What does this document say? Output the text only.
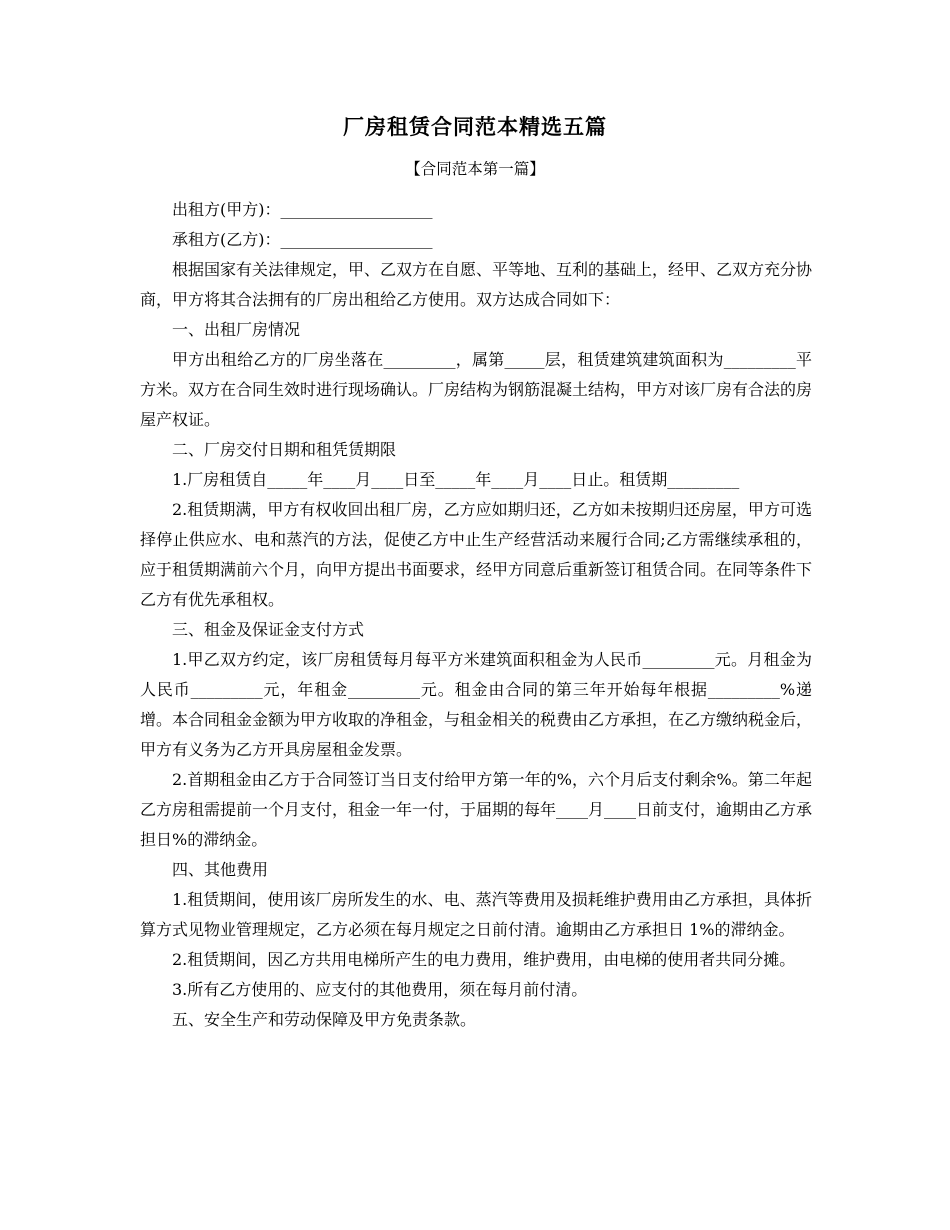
厂房租赁合同范本精选五篇
【合同范本第一篇】

出租方(甲方)：___________________

承租方(乙方)：___________________

根据国家有关法律规定，甲、乙双方在自愿、平等地、互利的基础上，经甲、乙双方充分协商，甲方将其合法拥有的厂房出租给乙方使用。双方达成合同如下：

一、出租厂房情况

甲方出租给乙方的厂房坐落在_________，属第_____层，租赁建筑建筑面积为_________平方米。双方在合同生效时进行现场确认。厂房结构为钢筋混凝土结构，甲方对该厂房有合法的房屋产权证。

二、厂房交付日期和租凭赁期限

1.厂房租赁自_____年____月____日至_____年____月____日止。租赁期_________

2.租赁期满，甲方有权收回出租厂房，乙方应如期归还，乙方如未按期归还房屋，甲方可选择停止供应水、电和蒸汽的方法，促使乙方中止生产经营活动来履行合同;乙方需继续承租的，应于租赁期满前六个月，向甲方提出书面要求，经甲方同意后重新签订租赁合同。在同等条件下乙方有优先承租权。

三、租金及保证金支付方式

1.甲乙双方约定，该厂房租赁每月每平方米建筑面积租金为人民币_________元。月租金为人民币_________元，年租金_________元。租金由合同的第三年开始每年根据_________%递增。本合同租金金额为甲方收取的净租金，与租金相关的税费由乙方承担，在乙方缴纳税金后，甲方有义务为乙方开具房屋租金发票。

2.首期租金由乙方于合同签订当日支付给甲方第一年的%，六个月后支付剩余%。第二年起乙方房租需提前一个月支付，租金一年一付，于届期的每年____月____日前支付，逾期由乙方承担日%的滞纳金。

四、其他费用

1.租赁期间，使用该厂房所发生的水、电、蒸汽等费用及损耗维护费用由乙方承担，具体折算方式见物业管理规定，乙方必须在每月规定之日前付清。逾期由乙方承担日 1%的滞纳金。

2.租赁期间，因乙方共用电梯所产生的电力费用，维护费用，由电梯的使用者共同分摊。

3.所有乙方使用的、应支付的其他费用，须在每月前付清。

五、安全生产和劳动保障及甲方免责条款。
